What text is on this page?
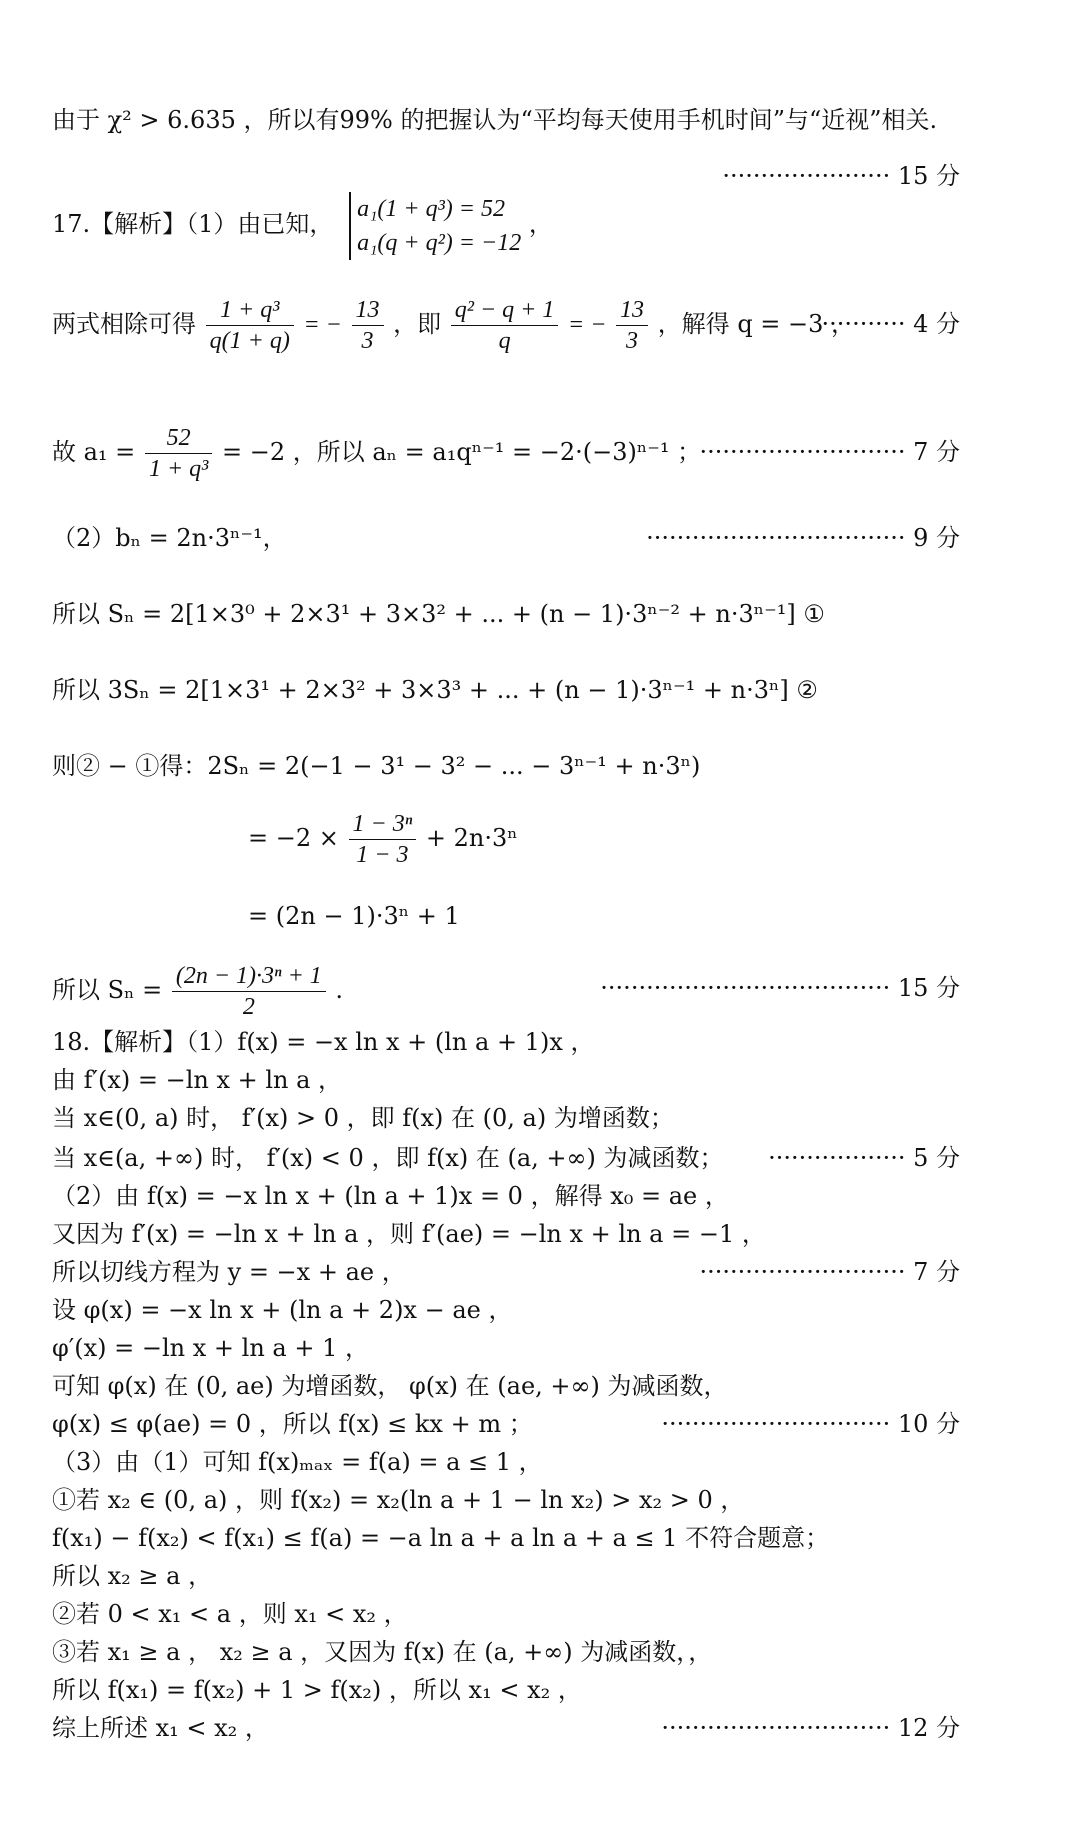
由于 χ² > 6.635 ，所以有99% 的把握认为“平均每天使用手机时间”与“近视”相关.
······················ 15 分
17.【解析】（1）由已知，
a₁(1 + q³) = 52
a₁(q + q²) = −12
，
两式相除可得 $\frac{\text{1 + q³}}{q(1 + q)}$ = − $\frac{13}{3}$ ，即 $\frac{\text{q² − q + 1}}{q}$ = − $\frac{13}{3}$ ，解得 q = −3 ，
··········· 4 分
故 $a_1 = \frac{52}{\text{1 + q³}} = -2$ ，所以 aₙ = a₁qⁿ⁻¹ = −2·(−3)ⁿ⁻¹ ；
··························· 7 分
（2）bₙ = 2n·3ⁿ⁻¹，	·································· 9 分
所以 Sₙ = 2[1×3⁰ + 2×3¹ + 3×3² + ... + (n − 1)·3ⁿ⁻² + n·3ⁿ⁻¹] ①
所以 3Sₙ = 2[1×3¹ + 2×3² + 3×3³ + ... + (n − 1)·3ⁿ⁻¹ + n·3ⁿ] ②
则② − ①得：2Sₙ = 2(−1 − 3¹ − 3² − ... − 3ⁿ⁻¹ + n·3ⁿ)
= $-2 \times \frac{\text{1 − 3ⁿ}}{1 - 3} + 2n\cdot 3^n$
= (2n − 1)·3ⁿ + 1
所以 $S_n = \frac{\text{(2n − 1)·3ⁿ + 1}}{2}$ .	······································ 15 分
18.【解析】（1）f(x) = −x ln x + (ln a + 1)x ，
由 f′(x) = −ln x + ln a ，
当 x∈(0, a) 时， f′(x) > 0 ，即 f(x) 在 (0, a) 为增函数；
当 x∈(a, +∞) 时， f′(x) < 0 ，即 f(x) 在 (a, +∞) 为减函数； ·················· 5 分
（2）由 f(x) = −x ln x + (ln a + 1)x = 0 ，解得 x₀ = ae ，
又因为 f′(x) = −ln x + ln a ，则 f′(ae) = −ln x + ln a = −1 ，
所以切线方程为 y = −x + ae ，	··························· 7 分
设 φ(x) = −x ln x + (ln a + 2)x − ae ，
φ′(x) = −ln x + ln a + 1 ，
可知 φ(x) 在 (0, ae) 为增函数， φ(x) 在 (ae, +∞) 为减函数，
φ(x) ≤ φ(ae) = 0 ，所以 f(x) ≤ kx + m ；	······························ 10 分
（3）由（1）可知 f(x)ₘₐₓ = f(a) = a ≤ 1 ，
①若 x₂ ∈ (0, a) ，则 f(x₂) = x₂(ln a + 1 − ln x₂) > x₂ > 0 ，
f(x₁) − f(x₂) < f(x₁) ≤ f(a) = −a ln a + a ln a + a ≤ 1 不符合题意；
所以 x₂ ≥ a ，
②若 0 < x₁ < a ，则 x₁ < x₂ ，
③若 x₁ ≥ a ， x₂ ≥ a ，又因为 f(x) 在 (a, +∞) 为减函数，，
所以 f(x₁) = f(x₂) + 1 > f(x₂) ，所以 x₁ < x₂ ，
综上所述 x₁ < x₂ ，	······························ 12 分
